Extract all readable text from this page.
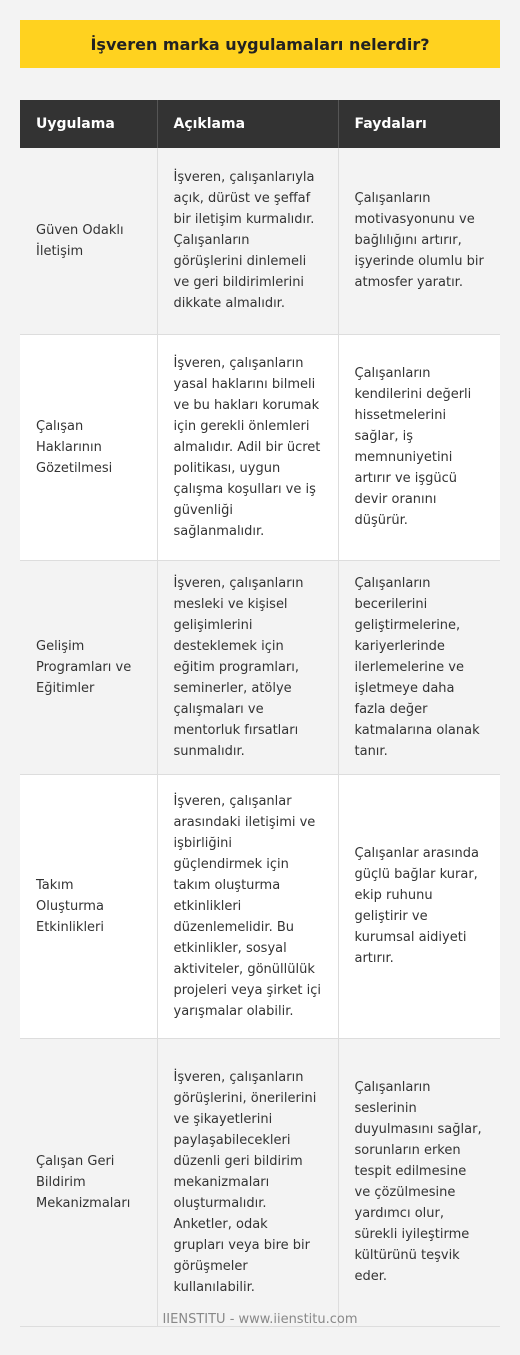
İşveren marka uygulamaları nelerdir?
Uygulama	Açıklama	Faydaları
Güven Odaklı İletişim	İşveren, çalışanlarıyla açık, dürüst ve şeffaf bir iletişim kurmalıdır. Çalışanların görüşlerini dinlemeli ve geri bildirimlerini dikkate almalıdır.	Çalışanların motivasyonunu ve bağlılığını artırır, işyerinde olumlu bir atmosfer yaratır.
Çalışan Haklarının Gözetilmesi	İşveren, çalışanların yasal haklarını bilmeli ve bu hakları korumak için gerekli önlemleri almalıdır. Adil bir ücret politikası, uygun çalışma koşulları ve iş güvenliği sağlanmalıdır.	Çalışanların kendilerini değerli hissetmelerini sağlar, iş memnuniyetini artırır ve işgücü devir oranını düşürür.
Gelişim Programları ve Eğitimler	İşveren, çalışanların mesleki ve kişisel gelişimlerini desteklemek için eğitim programları, seminerler, atölye çalışmaları ve mentorluk fırsatları sunmalıdır.	Çalışanların becerilerini geliştirmelerine, kariyerlerinde ilerlemelerine ve işletmeye daha fazla değer katmalarına olanak tanır.
Takım Oluşturma Etkinlikleri	İşveren, çalışanlar arasındaki iletişimi ve işbirliğini güçlendirmek için takım oluşturma etkinlikleri düzenlemelidir. Bu etkinlikler, sosyal aktiviteler, gönüllülük projeleri veya şirket içi yarışmalar olabilir.	Çalışanlar arasında güçlü bağlar kurar, ekip ruhunu geliştirir ve kurumsal aidiyeti artırır.
Çalışan Geri Bildirim Mekanizmaları	İşveren, çalışanların görüşlerini, önerilerini ve şikayetlerini paylaşabilecekleri düzenli geri bildirim mekanizmaları oluşturmalıdır. Anketler, odak grupları veya bire bir görüşmeler kullanılabilir.	Çalışanların seslerinin duyulmasını sağlar, sorunların erken tespit edilmesine ve çözülmesine yardımcı olur, sürekli iyileştirme kültürünü teşvik eder.
IIENSTITU - www.iienstitu.com
